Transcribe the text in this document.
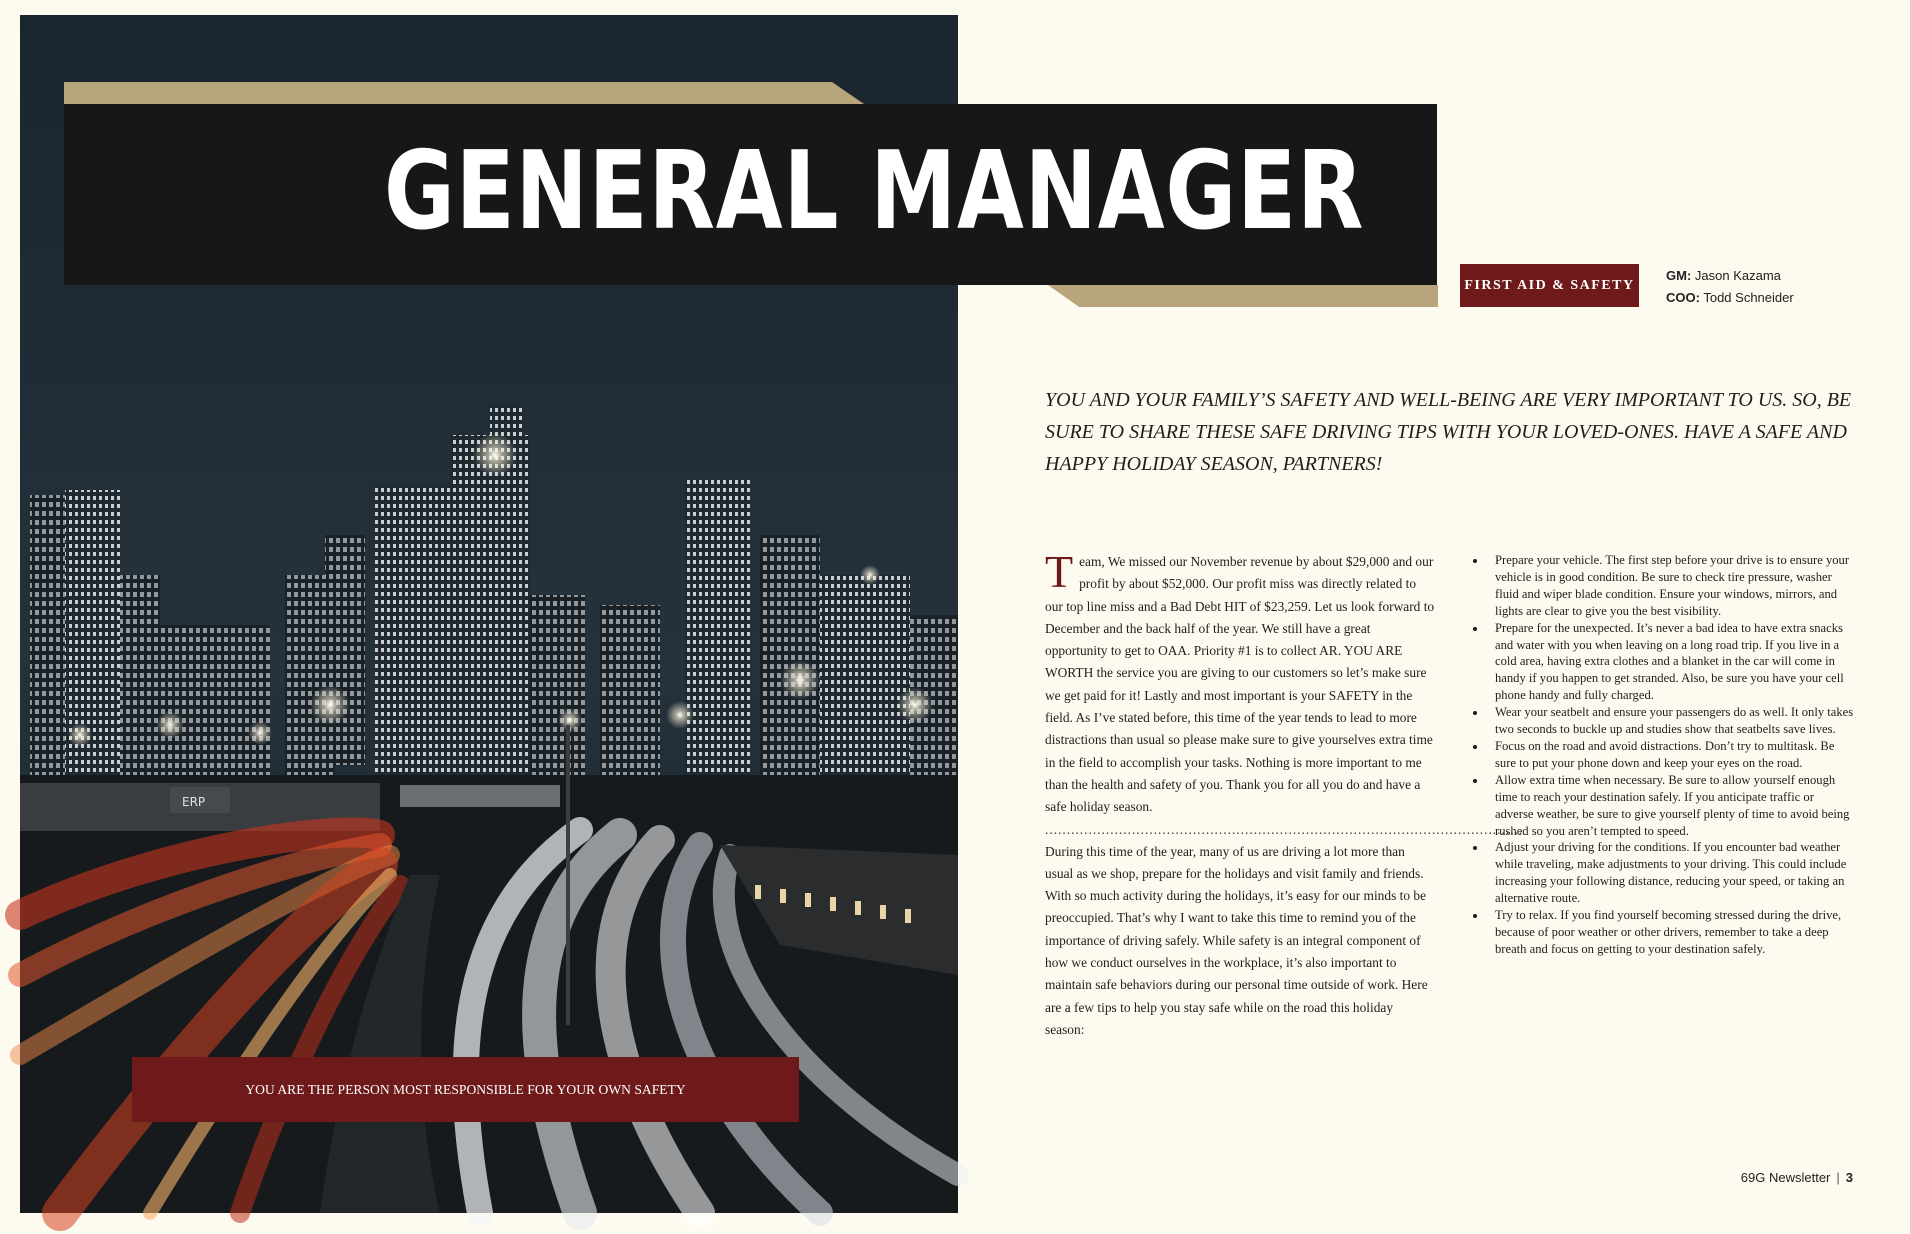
ERP
GENERAL MANAGER
FIRST AID & SAFETY
GM: Jason Kazama
COO: Todd Schneider
YOU AND YOUR FAMILY’S SAFETY AND WELL-BEING ARE VERY IMPORTANT TO US. SO, BE SURE TO SHARE THESE SAFE DRIVING TIPS WITH YOUR LOVED-ONES. HAVE A SAFE AND HAPPY HOLIDAY SEASON, PARTNERS!
Team, We missed our November revenue by about $29,000 and our profit by about $52,000. Our profit miss was directly related to our top line miss and a Bad Debt HIT of $23,259. Let us look forward to December and the back half of the year. We still have a great opportunity to get to OAA. Priority #1 is to collect AR. YOU ARE WORTH the service you are giving to our customers so let’s make sure we get paid for it! Lastly and most important is your SAFETY in the field. As I’ve stated before, this time of the year tends to lead to more distractions than usual so please make sure to give yourselves extra time in the field to accomplish your tasks. Nothing is more important to me than the health and safety of you. Thank you for all you do and have a safe holiday season.
..............................................................................................................
During this time of the year, many of us are driving a lot more than usual as we shop, prepare for the holidays and visit family and friends. With so much activity during the holidays, it’s easy for our minds to be preoccupied. That’s why I want to take this time to remind you of the importance of driving safely. While safety is an integral component of how we conduct ourselves in the workplace, it’s also important to maintain safe behaviors during our personal time outside of work. Here are a few tips to help you stay safe while on the road this holiday season:
• Prepare your vehicle. The first step before your drive is to ensure your vehicle is in good condition. Be sure to check tire pressure, washer fluid and wiper blade condition. Ensure your windows, mirrors, and lights are clear to give you the best visibility.
• Prepare for the unexpected. It’s never a bad idea to have extra snacks and water with you when leaving on a long road trip. If you live in a cold area, having extra clothes and a blanket in the car will come in handy if you happen to get stranded. Also, be sure you have your cell phone handy and fully charged.
• Wear your seatbelt and ensure your passengers do as well. It only takes two seconds to buckle up and studies show that seatbelts save lives.
• Focus on the road and avoid distractions. Don’t try to multitask. Be sure to put your phone down and keep your eyes on the road.
• Allow extra time when necessary. Be sure to allow yourself enough time to reach your destination safely. If you anticipate traffic or adverse weather, be sure to give yourself plenty of time to avoid being rushed so you aren’t tempted to speed.
• Adjust your driving for the conditions. If you encounter bad weather while traveling, make adjustments to your driving. This could include increasing your following distance, reducing your speed, or taking an alternative route.
• Try to relax. If you find yourself becoming stressed during the drive, because of poor weather or other drivers, remember to take a deep breath and focus on getting to your destination safely.
YOU ARE THE PERSON MOST RESPONSIBLE FOR YOUR OWN SAFETY
69G Newsletter | 3
